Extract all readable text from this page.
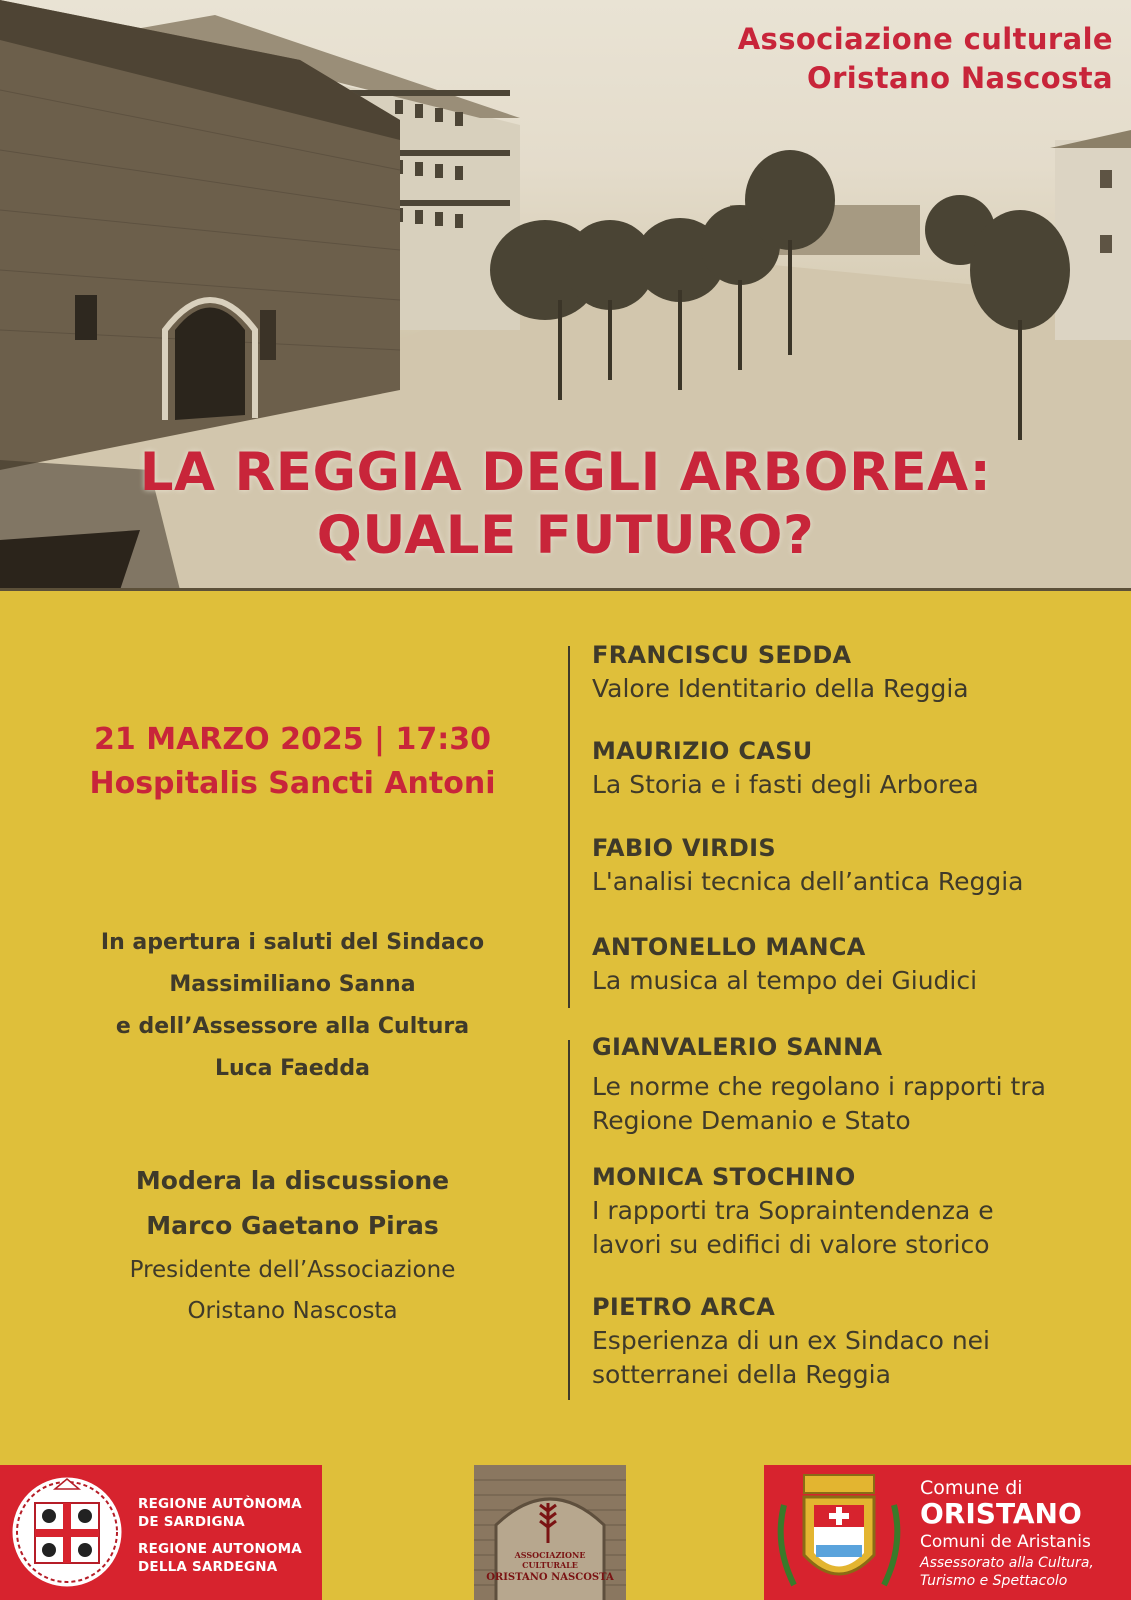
Associazione culturale
Oristano Nascosta
LA REGGIA DEGLI ARBOREA:
QUALE FUTURO?
21 MARZO 2025 | 17:30
Hospitalis Sancti Antoni
In apertura i saluti del Sindaco
Massimiliano Sanna
e dell’Assessore alla Cultura
Luca Faedda
Modera la discussione
Marco Gaetano Piras
Presidente dell’Associazione
Oristano Nascosta
FRANCISCU SEDDA
Valore Identitario della Reggia
MAURIZIO CASU
La Storia e i fasti degli Arborea
FABIO VIRDIS
L'analisi tecnica dell’antica Reggia
ANTONELLO MANCA
La musica al tempo dei Giudici
GIANVALERIO SANNA
Le norme che regolano i rapporti tra
Regione Demanio e Stato
MONICA STOCHINO
I rapporti tra Sopraintendenza e
lavori su edifici di valore storico
PIETRO ARCA
Esperienza di un ex Sindaco nei
sotterranei della Reggia
REGIONE AUTÒNOMA
DE SARDIGNA
REGIONE AUTONOMA
DELLA SARDEGNA
ASSOCIAZIONE
CULTURALE
ORISTANO NASCOSTA
Comune di
ORISTANO
Comuni de Aristanis
Assessorato alla Cultura,
Turismo e Spettacolo
